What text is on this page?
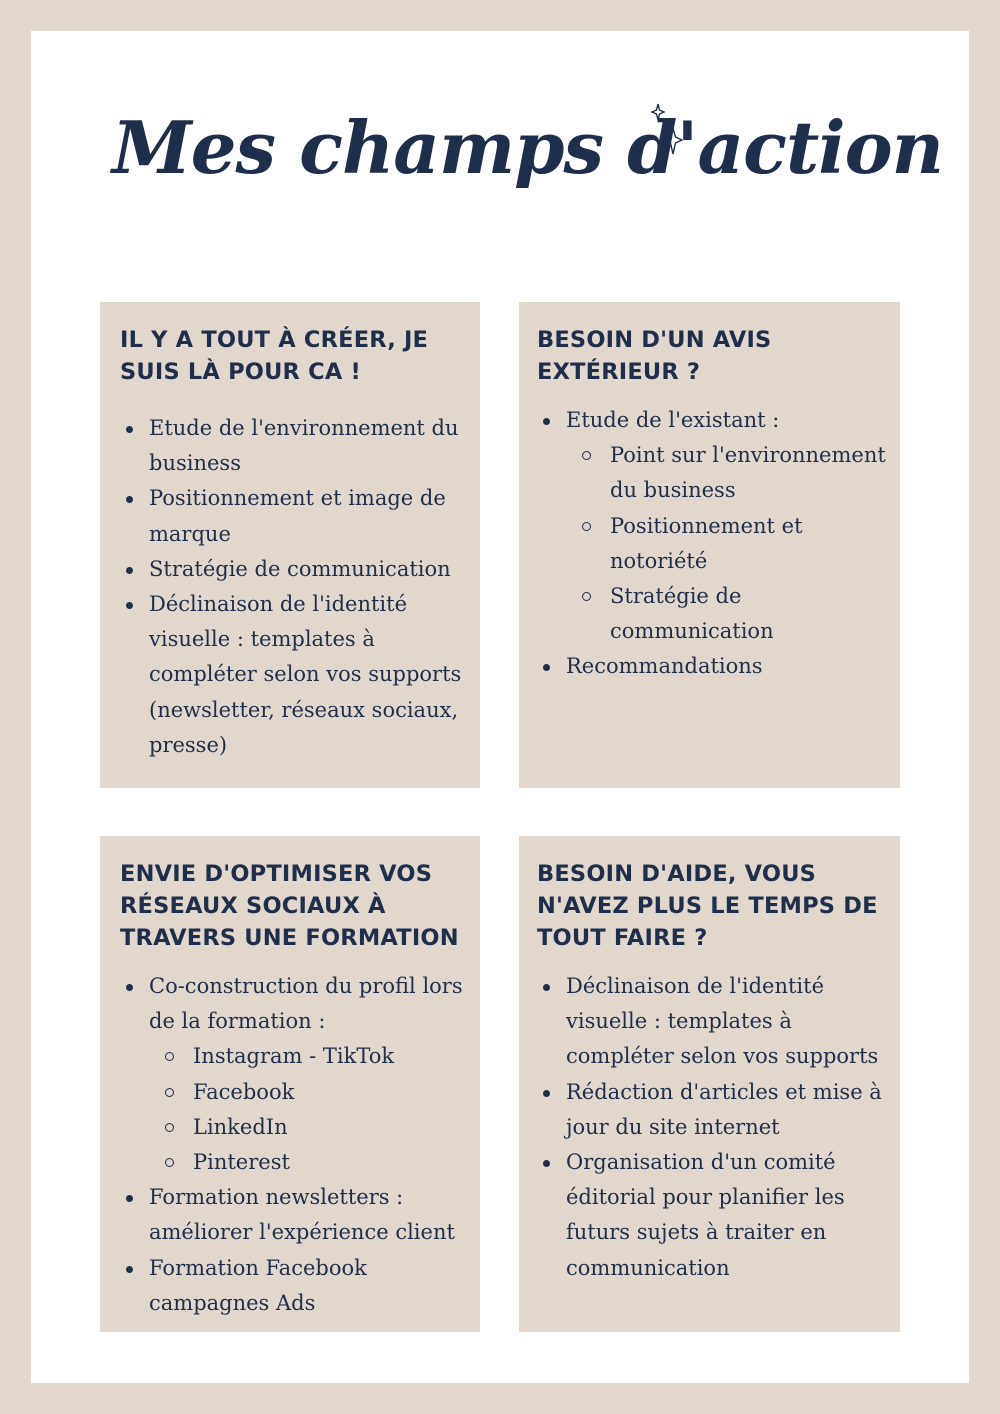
Mes champs d'action
IL Y A TOUT À CRÉER, JE SUIS LÀ POUR CA !
Etude de l'environnement du business
Positionnement et image de marque
Stratégie de communication
Déclinaison de l'identité visuelle : templates à compléter selon vos supports (newsletter, réseaux sociaux, presse)
BESOIN D'UN AVIS EXTÉRIEUR ?
Etude de l'existant :
Point sur l'environnement du business
Positionnement et notoriété
Stratégie de communication
Recommandations
ENVIE D'OPTIMISER VOS RÉSEAUX SOCIAUX À TRAVERS UNE FORMATION
Co-construction du profil lors de la formation :
Instagram - TikTok
Facebook
LinkedIn
Pinterest
Formation newsletters : améliorer l'expérience client
Formation Facebook campagnes Ads
BESOIN D'AIDE, VOUS N'AVEZ PLUS LE TEMPS DE TOUT FAIRE ?
Déclinaison de l'identité visuelle : templates à compléter selon vos supports
Rédaction d'articles et mise à jour du site internet
Organisation d'un comité éditorial pour planifier les futurs sujets à traiter en communication
